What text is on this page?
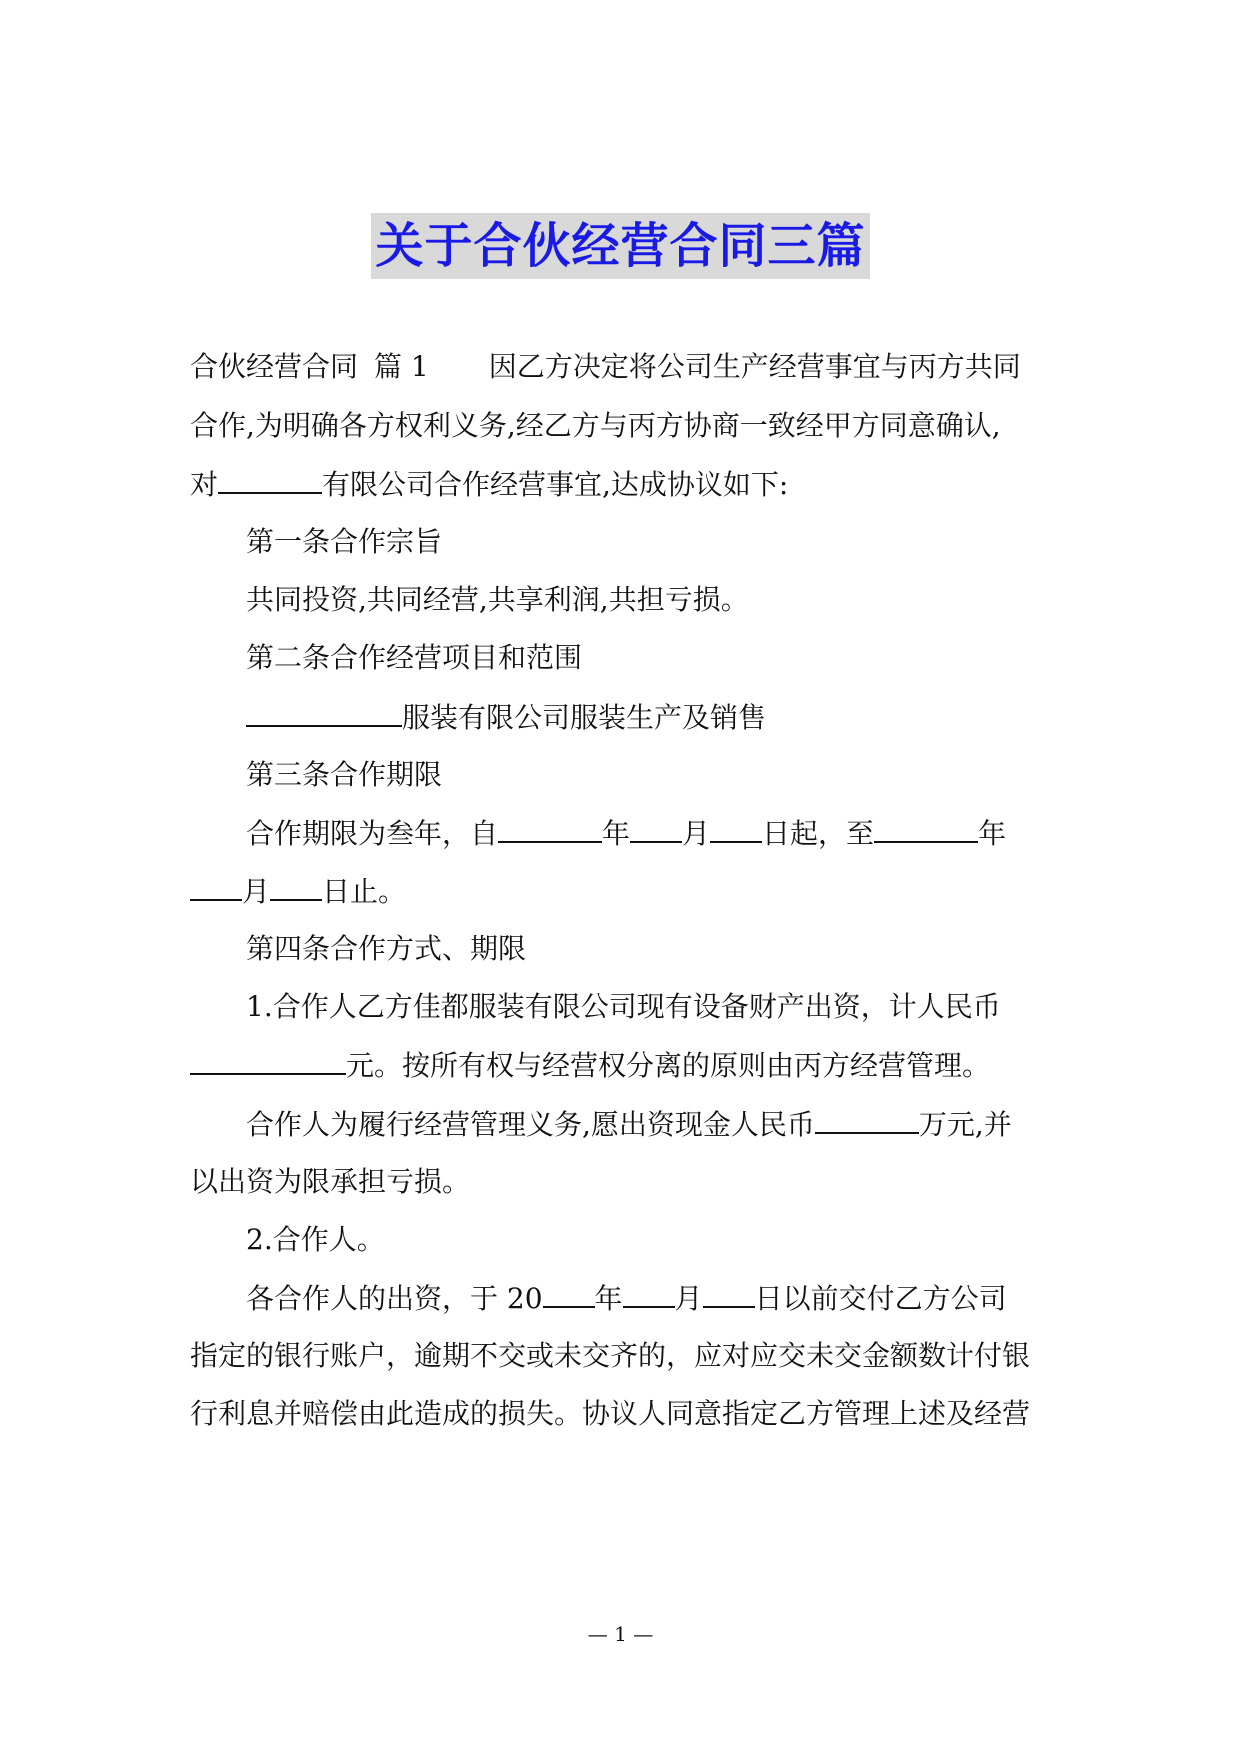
关于合伙经营合同三篇
合伙经营合同 篇 1 因乙方决定将公司生产经营事宜与丙方共同
合作,为明确各方权利义务,经乙方与丙方协商一致经甲方同意确认,
对	有限公司合作经营事宜,达成协议如下:
第一条合作宗旨
共同投资,共同经营,共享利润,共担亏损。
第二条合作经营项目和范围
服装有限公司服装生产及销售
第三条合作期限
合作期限为叁年，自	年 月 日起，至	年
月 日止。
第四条合作方式、期限
1.合作人乙方佳都服装有限公司现有设备财产出资，计人民币
元。按所有权与经营权分离的原则由丙方经营管理。
合作人为履行经营管理义务,愿出资现金人民币	万元,并
以出资为限承担亏损。
2.合作人。
各合作人的出资，于 20 年 月 日以前交付乙方公司
指定的银行账户，逾期不交或未交齐的，应对应交未交金额数计付银
行利息并赔偿由此造成的损失。协议人同意指定乙方管理上述及经营
— 1 —
